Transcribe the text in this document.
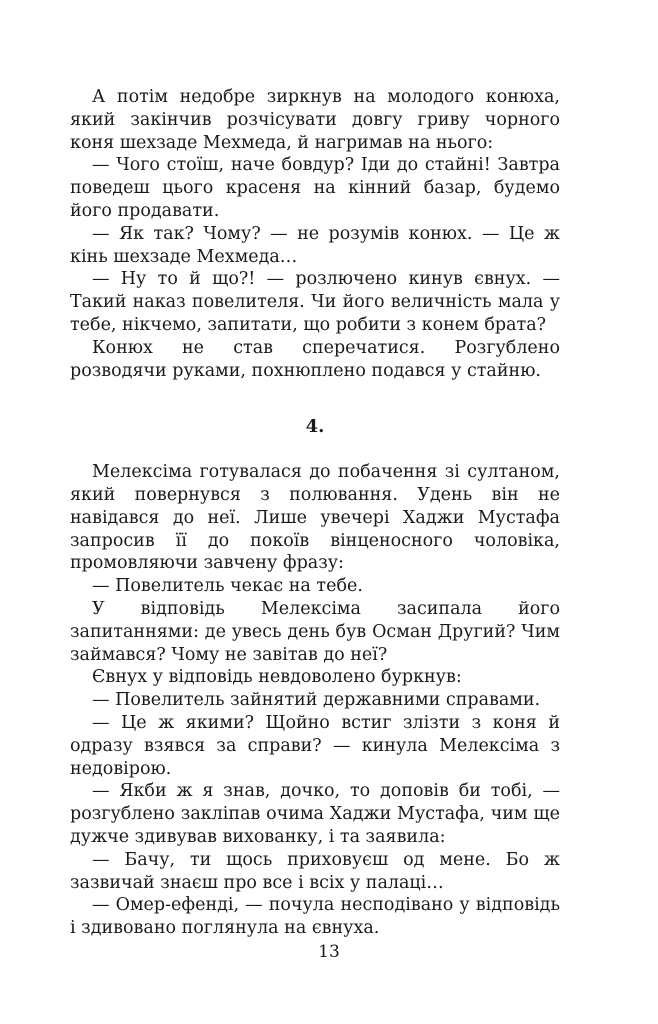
А потім недобре зиркнув на молодого конюха, який закінчив розчісувати довгу гриву чорного коня шехзаде Мехмеда, й нагримав на нього:

— Чого стоїш, наче бовдур? Іди до стайні! Завтра поведеш цього красеня на кінний базар, будемо його продавати.

— Як так? Чому? — не розумів конюх. — Це ж кінь шехзаде Мехмеда…

— Ну то й що?! — розлючено кинув євнух. — Такий наказ повелителя. Чи його величність мала у тебе, нікчемо, запитати, що робити з конем брата?

Конюх не став сперечатися. Розгублено розводячи руками, похнюплено подався у стайню.

4.

Мелексіма готувалася до побачення зі султаном, який повернувся з полювання. Удень він не навідався до неї. Лише увечері Хаджи Мустафа запросив її до покоїв вінценосного чоловіка, промовляючи завчену фразу:

— Повелитель чекає на тебе.

У відповідь Мелексіма засипала його запитаннями: де увесь день був Осман Другий? Чим займався? Чому не завітав до неї?

Євнух у відповідь невдоволено буркнув:

— Повелитель зайнятий державними справами.

— Це ж якими? Щойно встиг злізти з коня й одразу взявся за справи? — кинула Мелексіма з недовірою.

— Якби ж я знав, дочко, то доповів би тобі, — розгублено закліпав очима Хаджи Мустафа, чим ще дужче здивував вихованку, і та заявила:

— Бачу, ти щось приховуєш од мене. Бо ж зазвичай знаєш про все і всіх у палаці…

— Омер-ефенді, — почула несподівано у відповідь і здивовано поглянула на євнуха.

13
